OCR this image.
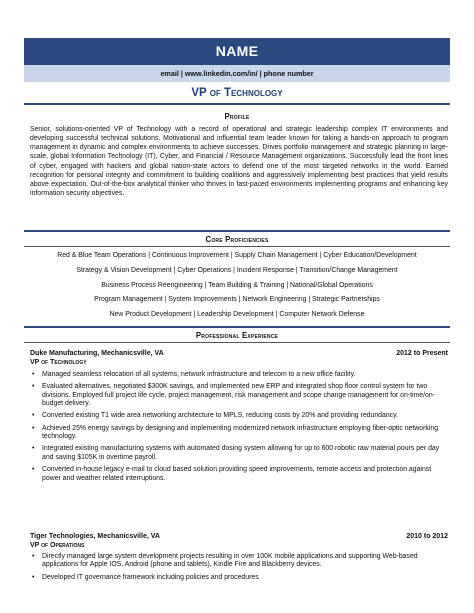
NAME
email | www.linkedin.com/in/ | phone number
VP of Technology
Profile
Senior, solutions-oriented VP of Technology with a record of operational and strategic leadership complex IT environments and developing successful technical solutions. Motivational and influential team leader known for taking a hands-on approach to program management in dynamic and complex environments to achieve successes. Drives portfolio management and strategic planning in large-scale, global Information Technology (IT), Cyber, and Financial / Resource Management organizations. Successfully lead the front lines of cyber, engaged with hackers and global nation-state actors to defend one of the most targeted networks in the world. Earned recognition for personal integrity and commitment to building coalitions and aggressively implementing best practices that yield results above expectation. Out-of-the-box analytical thinker who thrives in fast-paced environments implementing programs and enhancing key information security objectives.
Core Proficiencies
Red & Blue Team Operations | Continuous Improvement | Supply Chain Management | Cyber Education/Development
Strategy & Vision Development | Cyber Operations | Incident Response | Transition/Change Management
Business Process Reengineering | Team Building & Training | National/Global Operations
Program Management | System Improvements | Network Engineering | Strategic Partnerships
New Product Development | Leadership Development | Computer Network Defense
Professional Experience
Duke Manufacturing, Mechanicsville, VA	2012 to Present
VP of Technology
• Managed seamless relocation of all systems, network infrastructure and telecom to a new office facility.
• Evaluated alternatives, negotiated $300K savings, and implemented new ERP and integrated shop floor control system for two divisions. Employed full project life cycle, project management, risk management and scope change management for on-time/on-budget delivery.
• Converted existing T1 wide area networking architecture to MPLS, reducing costs by 20% and providing redundancy.
• Achieved 25% energy savings by designing and implementing modernized network infrastructure employing fiber-optic networking technology.
• Integrated existing manufacturing systems with automated dosing system allowing for up to 600 robotic raw material pours per day and saving $105K in overtime payroll.
• Converted in-house legacy e-mail to cloud based solution providing speed improvements, remote access and protection against power and weather related interruptions.
Tiger Technologies, Mechanicsville, VA	2010 to 2012
VP of Operations
• Directly managed large system development projects resulting in over 100K mobile applications and supporting Web-based applications for Apple IOS, Android (phone and tablets), Kindle Fire and Blackberry devices.
• Developed IT governance framework including policies and procedures
